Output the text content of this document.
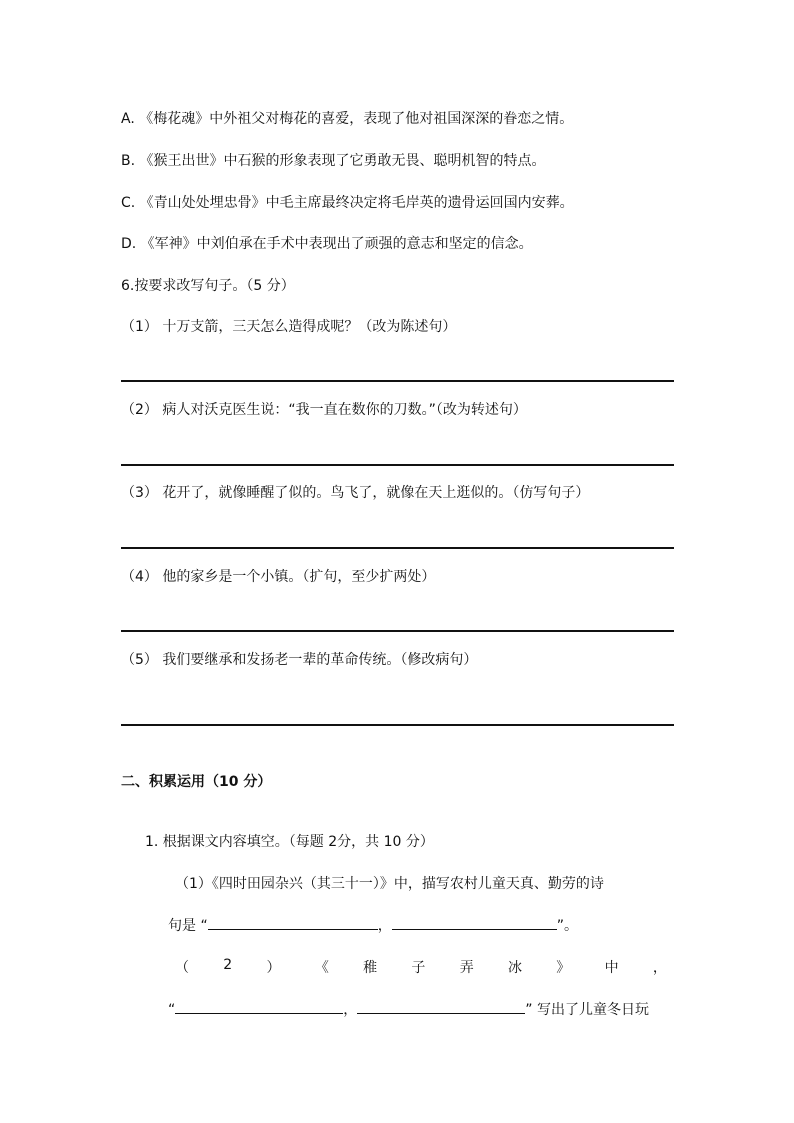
A. 《梅花魂》中外祖父对梅花的喜爱，表现了他对祖国深深的眷恋之情。
B. 《猴王出世》中石猴的形象表现了它勇敢无畏、聪明机智的特点。
C. 《青山处处埋忠骨》中毛主席最终决定将毛岸英的遗骨运回国内安葬。
D. 《军神》中刘伯承在手术中表现出了顽强的意志和坚定的信念。
6.按要求改写句子。（5 分）
（1） 十万支箭，三天怎么造得成呢？（改为陈述句）
（2） 病人对沃克医生说：“我一直在数你的刀数。”（改为转述句）
（3） 花开了，就像睡醒了似的。鸟飞了，就像在天上逛似的。（仿写句子）
（4） 他的家乡是一个小镇。（扩句，至少扩两处）
（5） 我们要继承和发扬老一辈的革命传统。（修改病句）
二、积累运用（10 分）
1. 根据课文内容填空。（每题 2分，共 10 分）
（1）《四时田园杂兴（其三十一）》中，描写农村儿童天真、勤劳的诗
句是 “	，	”。
（ 2 ） 《 稚 子 弄 冰 》 中 ，
“	，	” 写出了儿童冬日玩
